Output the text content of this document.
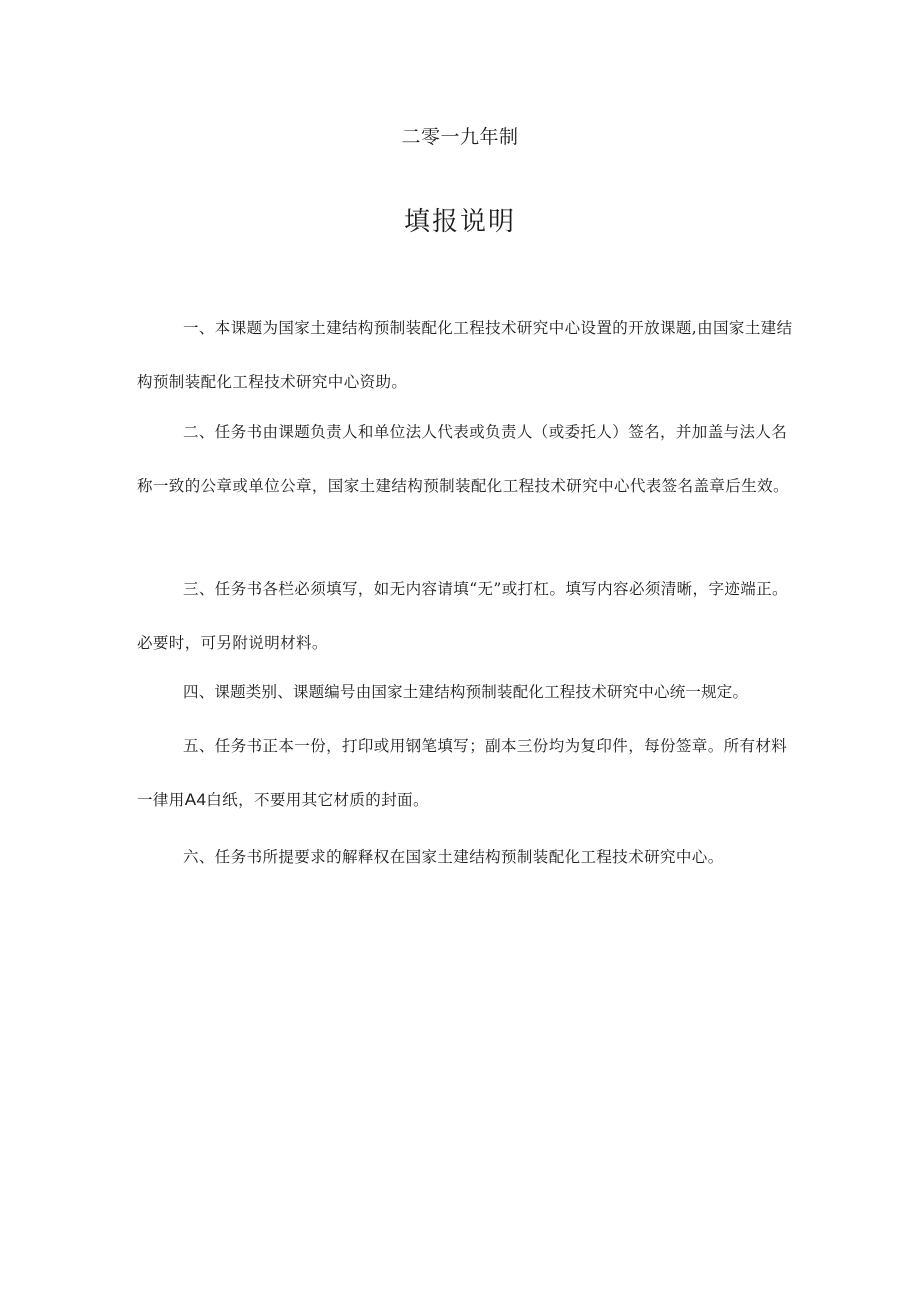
二零一九年制
填报说明

一、本课题为国家土建结构预制装配化工程技术研究中心设置的开放课题,由国家土建结构预制装配化工程技术研究中心资助。

二、任务书由课题负责人和单位法人代表或负责人（或委托人）签名，并加盖与法人名称一致的公章或单位公章，国家土建结构预制装配化工程技术研究中心代表签名盖章后生效。

三、任务书各栏必须填写，如无内容请填“无”或打杠。填写内容必须清晰，字迹端正。必要时，可另附说明材料。

四、课题类别、课题编号由国家土建结构预制装配化工程技术研究中心统一规定。

五、任务书正本一份，打印或用钢笔填写；副本三份均为复印件，每份签章。所有材料一律用A4白纸，不要用其它材质的封面。

六、任务书所提要求的解释权在国家土建结构预制装配化工程技术研究中心。
